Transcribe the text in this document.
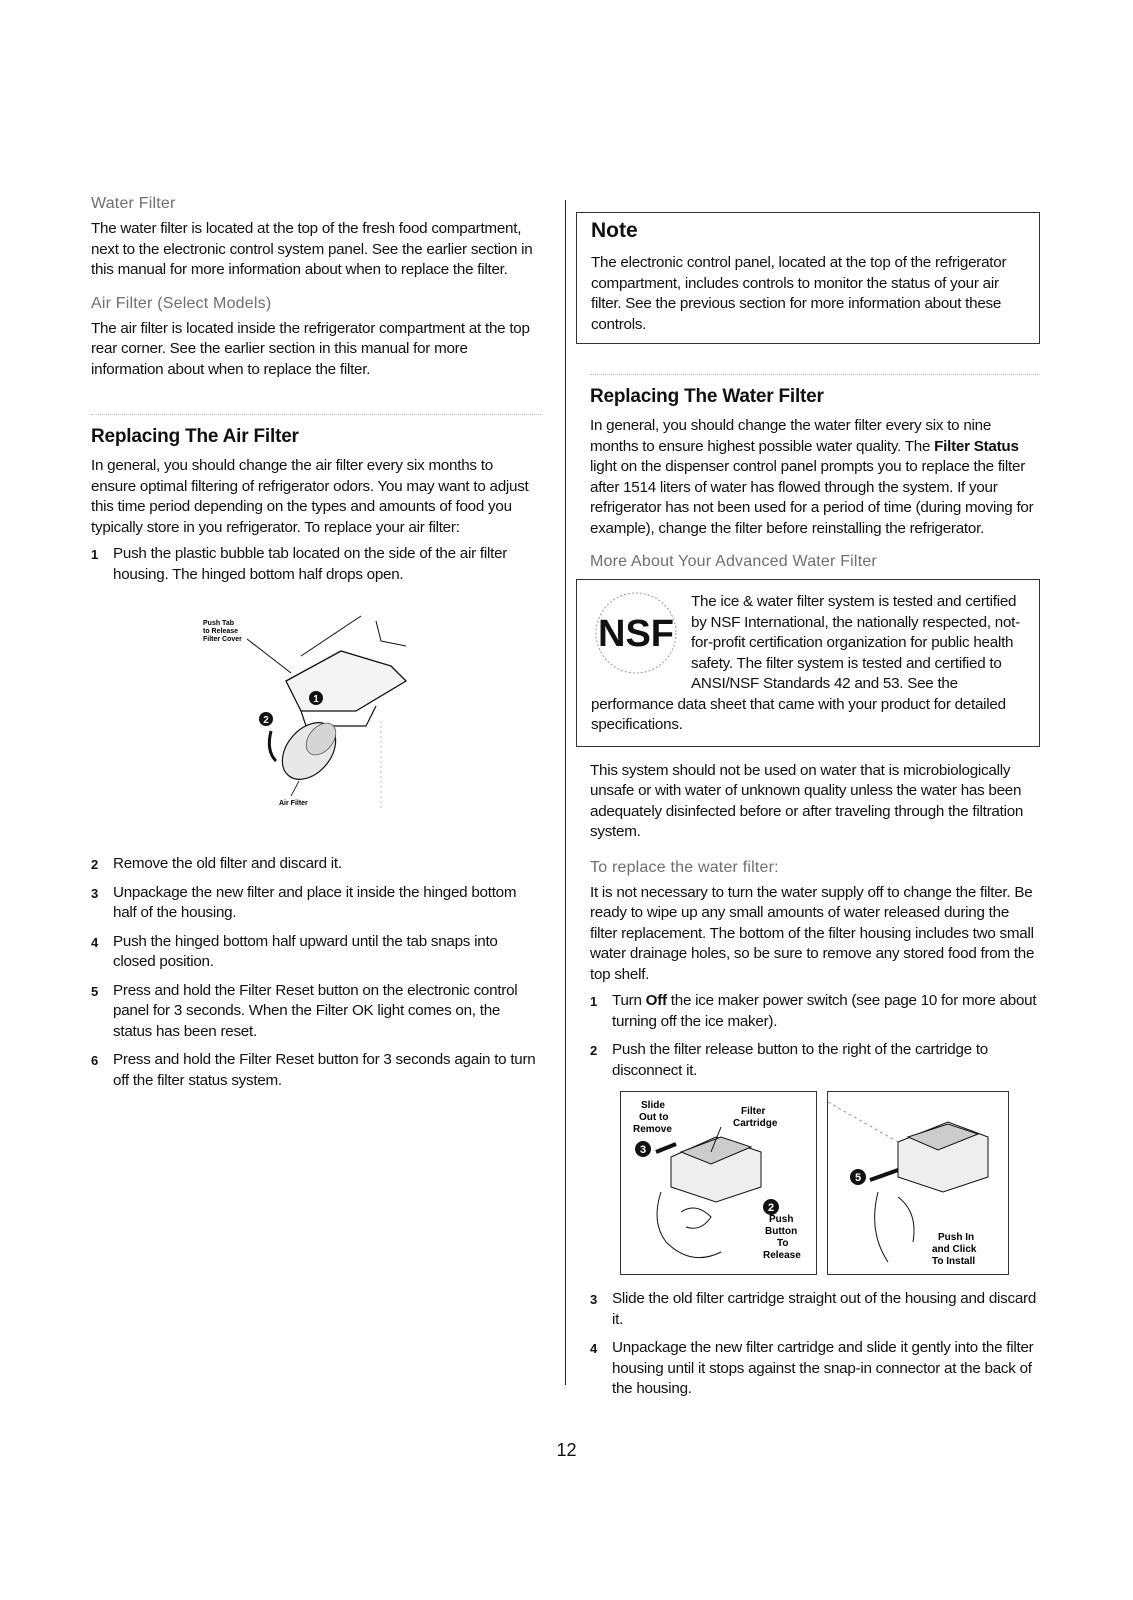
Water Filter

The water filter is located at the top of the fresh food compartment, next to the electronic control system panel. See the earlier section in this manual for more information about when to replace the filter.

Air Filter (Select Models)

The air filter is located inside the refrigerator compartment at the top rear corner. See the earlier section in this manual for more information about when to replace the filter.

Replacing The Air Filter

In general, you should change the air filter every six months to ensure optimal filtering of refrigerator odors. You may want to adjust this time period depending on the types and amounts of food you typically store in you refrigerator. To replace your air filter:

1 Push the plastic bubble tab located on the side of the air filter housing. The hinged bottom half drops open.
Push Tab
to Release
Filter Cover
1
2
Air Filter
2 Remove the old filter and discard it.
3 Unpackage the new filter and place it inside the hinged bottom half of the housing.
4 Push the hinged bottom half upward until the tab snaps into closed position.
5 Press and hold the Filter Reset button on the electronic control panel for 3 seconds. When the Filter OK light comes on, the status has been reset.
6 Press and hold the Filter Reset button for 3 seconds again to turn off the filter status system.

Note

The electronic control panel, located at the top of the refrigerator compartment, includes controls to monitor the status of your air filter. See the previous section for more information about these controls.

Replacing The Water Filter

In general, you should change the water filter every six to nine months to ensure highest possible water quality. The Filter Status light on the dispenser control panel prompts you to replace the filter after 1514 liters of water has flowed through the system. If your refrigerator has not been used for a period of time (during moving for example), change the filter before reinstalling the refrigerator.

More About Your Advanced Water Filter

NSF

The ice & water filter system is tested and certified by NSF International, the nationally respected, not-for-profit certification organization for public health safety. The filter system is tested and certified to ANSI/NSF Standards 42 and 53. See the performance data sheet that came with your product for detailed specifications.

This system should not be used on water that is microbiologically unsafe or with water of unknown quality unless the water has been adequately disinfected before or after traveling through the filtration system.

To replace the water filter:

It is not necessary to turn the water supply off to change the filter. Be ready to wipe up any small amounts of water released during the filter replacement. The bottom of the filter housing includes two small water drainage holes, so be sure to remove any stored food from the top shelf.

1 Turn Off the ice maker power switch (see page 10 for more about turning off the ice maker).
2 Push the filter release button to the right of the cartridge to disconnect it.
Slide
Out to
Remove
Filter
Cartridge
Push
Button
To
Release
3
2
5
Push In
and Click
To Install
3 Slide the old filter cartridge straight out of the housing and discard it.
4 Unpackage the new filter cartridge and slide it gently into the filter housing until it stops against the snap-in connector at the back of the housing.
12
